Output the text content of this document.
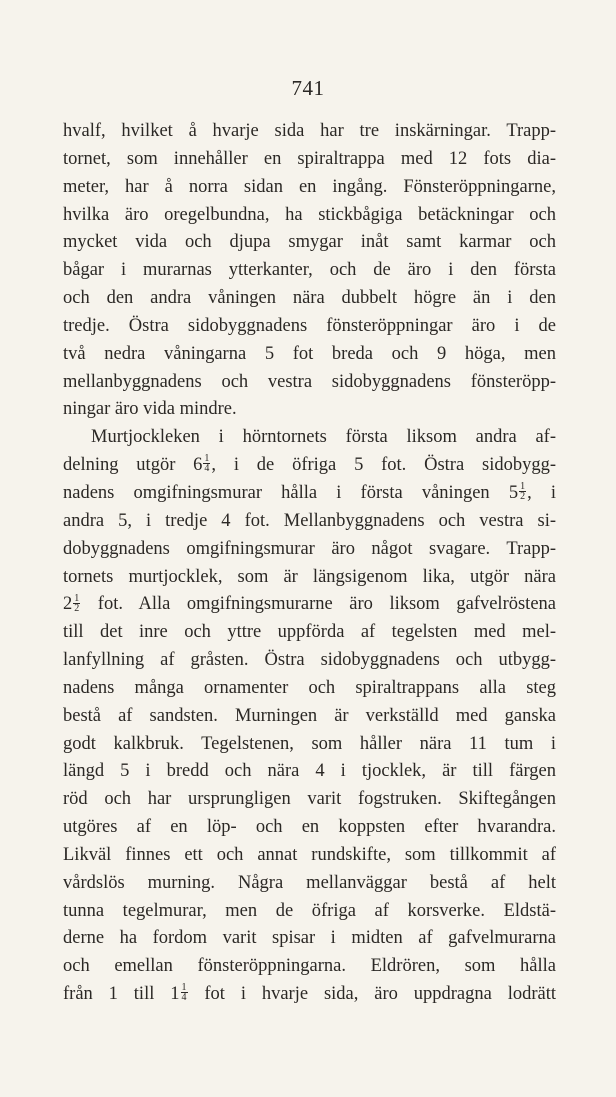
741
hvalf, hvilket å hvarje sida har tre inskärningar. Trapp-
tornet, som innehåller en spiraltrappa med 12 fots dia-
meter, har å norra sidan en ingång. Fönsteröppningarne,
hvilka äro oregelbundna, ha stickbågiga betäckningar och
mycket vida och djupa smygar inåt samt karmar och
bågar i murarnas ytterkanter, och de äro i den första
och den andra våningen nära dubbelt högre än i den
tredje. Östra sidobyggnadens fönsteröppningar äro i de
två nedra våningarna 5 fot breda och 9 höga, men
mellanbyggnadens och vestra sidobyggnadens fönsteröpp-
ningar äro vida mindre.
Murtjockleken i hörntornets första liksom andra af-
delning utgör $6 \frac{1}{4}$ , i de öfriga 5 fot. Östra sidobygg-
nadens omgifningsmurar hålla i första våningen $5 \frac{1}{2}$ , i
andra 5, i tredje 4 fot. Mellanbyggnadens och vestra si-
dobyggnadens omgifningsmurar äro något svagare. Trapp-
tornets murtjocklek, som är längsigenom lika, utgör nära
$2 \frac{1}{2}$ fot. Alla omgifningsmurarne äro liksom gafvelröstena
till det inre och yttre uppförda af tegelsten med mel-
lanfyllning af gråsten. Östra sidobyggnadens och utbygg-
nadens många ornamenter och spiraltrappans alla steg
bestå af sandsten. Murningen är verkställd med ganska
godt kalkbruk. Tegelstenen, som håller nära 11 tum i
längd 5 i bredd och nära 4 i tjocklek, är till färgen
röd och har ursprungligen varit fogstruken. Skiftegången
utgöres af en löp- och en koppsten efter hvarandra.
Likväl finnes ett och annat rundskifte, som tillkommit af
vårdslös murning. Några mellanväggar bestå af helt
tunna tegelmurar, men de öfriga af korsverke. Eldstä-
derne ha fordom varit spisar i midten af gafvelmurarna
och emellan fönsteröppningarna. Eldrören, som hålla
från 1 till $1 \frac{1}{4}$ fot i hvarje sida, äro uppdragna lodrätt
